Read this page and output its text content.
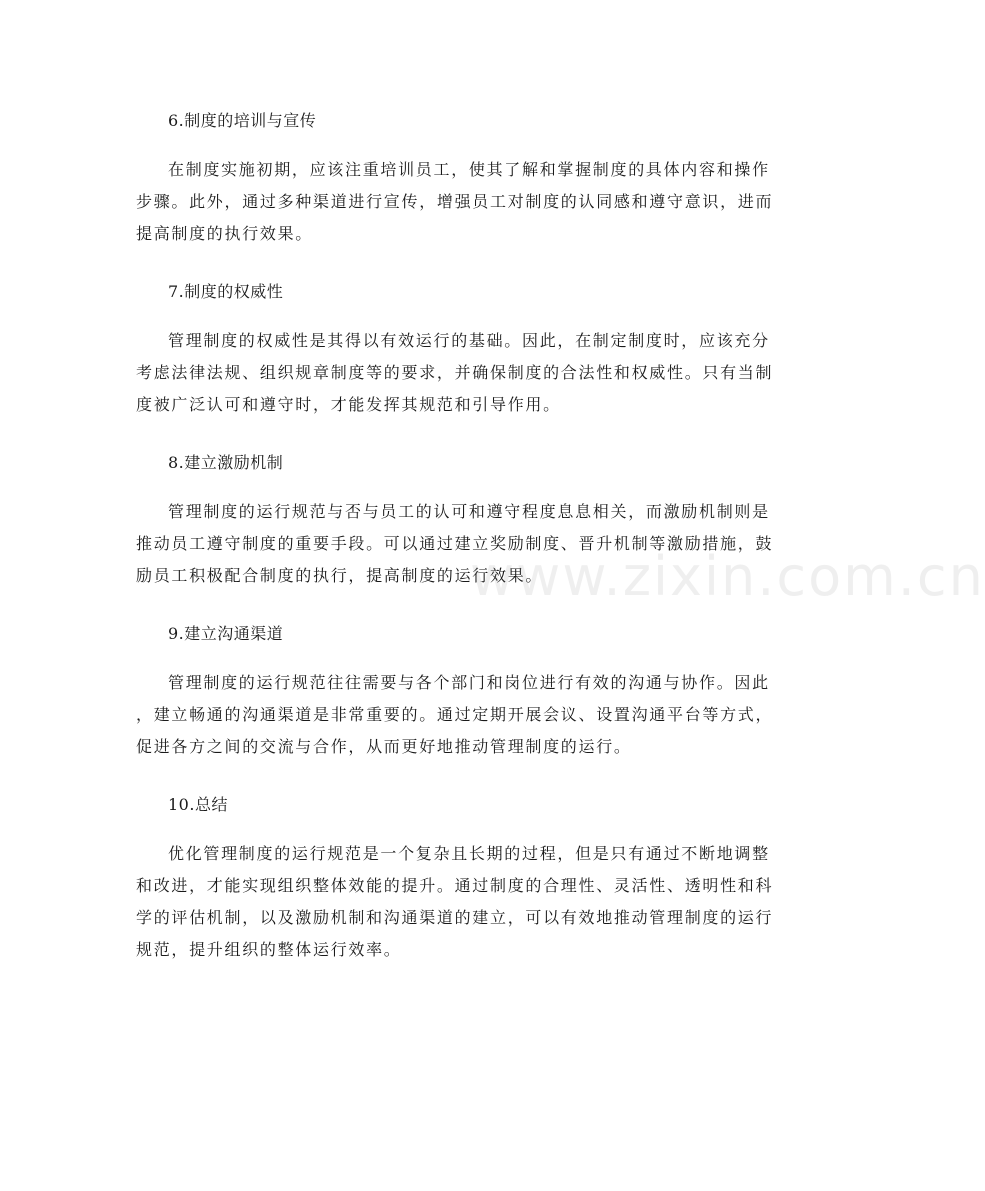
6.制度的培训与宣传
在制度实施初期，应该注重培训员工，使其了解和掌握制度的具体内容和操作
步骤。此外，通过多种渠道进行宣传，增强员工对制度的认同感和遵守意识，进而
提高制度的执行效果。
7.制度的权威性
管理制度的权威性是其得以有效运行的基础。因此，在制定制度时，应该充分
考虑法律法规、组织规章制度等的要求，并确保制度的合法性和权威性。只有当制
度被广泛认可和遵守时，才能发挥其规范和引导作用。
8.建立激励机制
管理制度的运行规范与否与员工的认可和遵守程度息息相关，而激励机制则是
推动员工遵守制度的重要手段。可以通过建立奖励制度、晋升机制等激励措施，鼓
励员工积极配合制度的执行，提高制度的运行效果。
9.建立沟通渠道
管理制度的运行规范往往需要与各个部门和岗位进行有效的沟通与协作。因此
，建立畅通的沟通渠道是非常重要的。通过定期开展会议、设置沟通平台等方式，
促进各方之间的交流与合作，从而更好地推动管理制度的运行。
10.总结
优化管理制度的运行规范是一个复杂且长期的过程，但是只有通过不断地调整
和改进，才能实现组织整体效能的提升。通过制度的合理性、灵活性、透明性和科
学的评估机制，以及激励机制和沟通渠道的建立，可以有效地推动管理制度的运行
规范，提升组织的整体运行效率。
www.zixin.com.cn
